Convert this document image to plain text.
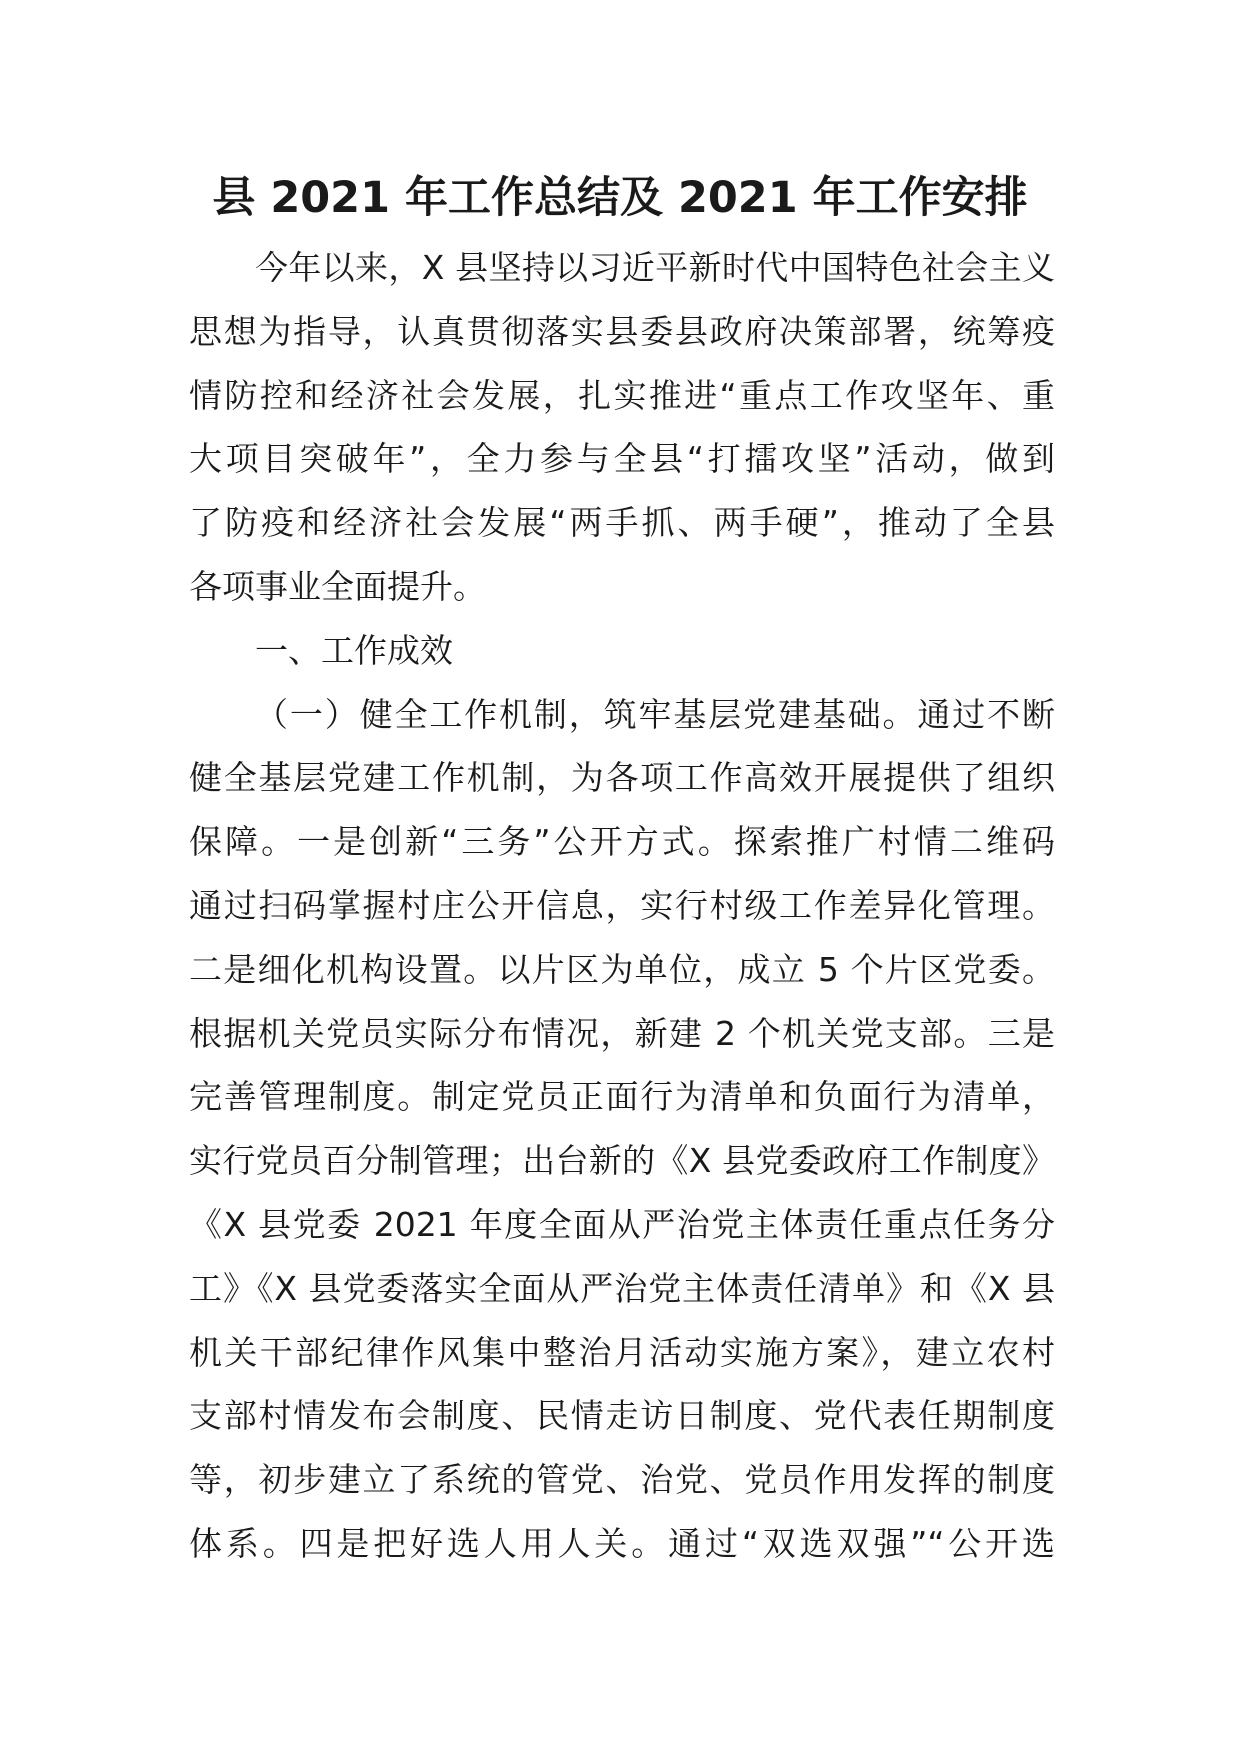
县 2021 年工作总结及 2021 年工作安排
今年以来，X 县坚持以习近平新时代中国特色社会主义
思想为指导，认真贯彻落实县委县政府决策部署，统筹疫
情防控和经济社会发展，扎实推进“重点工作攻坚年、重
大项目突破年”，全力参与全县“打擂攻坚”活动，做到
了防疫和经济社会发展“两手抓、两手硬”，推动了全县
各项事业全面提升。
一、工作成效
（一）健全工作机制，筑牢基层党建基础。通过不断
健全基层党建工作机制，为各项工作高效开展提供了组织
保障。一是创新“三务”公开方式。探索推广村情二维码
通过扫码掌握村庄公开信息，实行村级工作差异化管理。
二是细化机构设置。以片区为单位，成立 5 个片区党委。
根据机关党员实际分布情况，新建 2 个机关党支部。三是
完善管理制度。制定党员正面行为清单和负面行为清单，
实行党员百分制管理；出台新的《X 县党委政府工作制度》
《X 县党委 2021 年度全面从严治党主体责任重点任务分
工》《X 县党委落实全面从严治党主体责任清单》和《X 县
机关干部纪律作风集中整治月活动实施方案》，建立农村
支部村情发布会制度、民情走访日制度、党代表任期制度
等，初步建立了系统的管党、治党、党员作用发挥的制度
体系。四是把好选人用人关。通过“双选双强”“公开选
